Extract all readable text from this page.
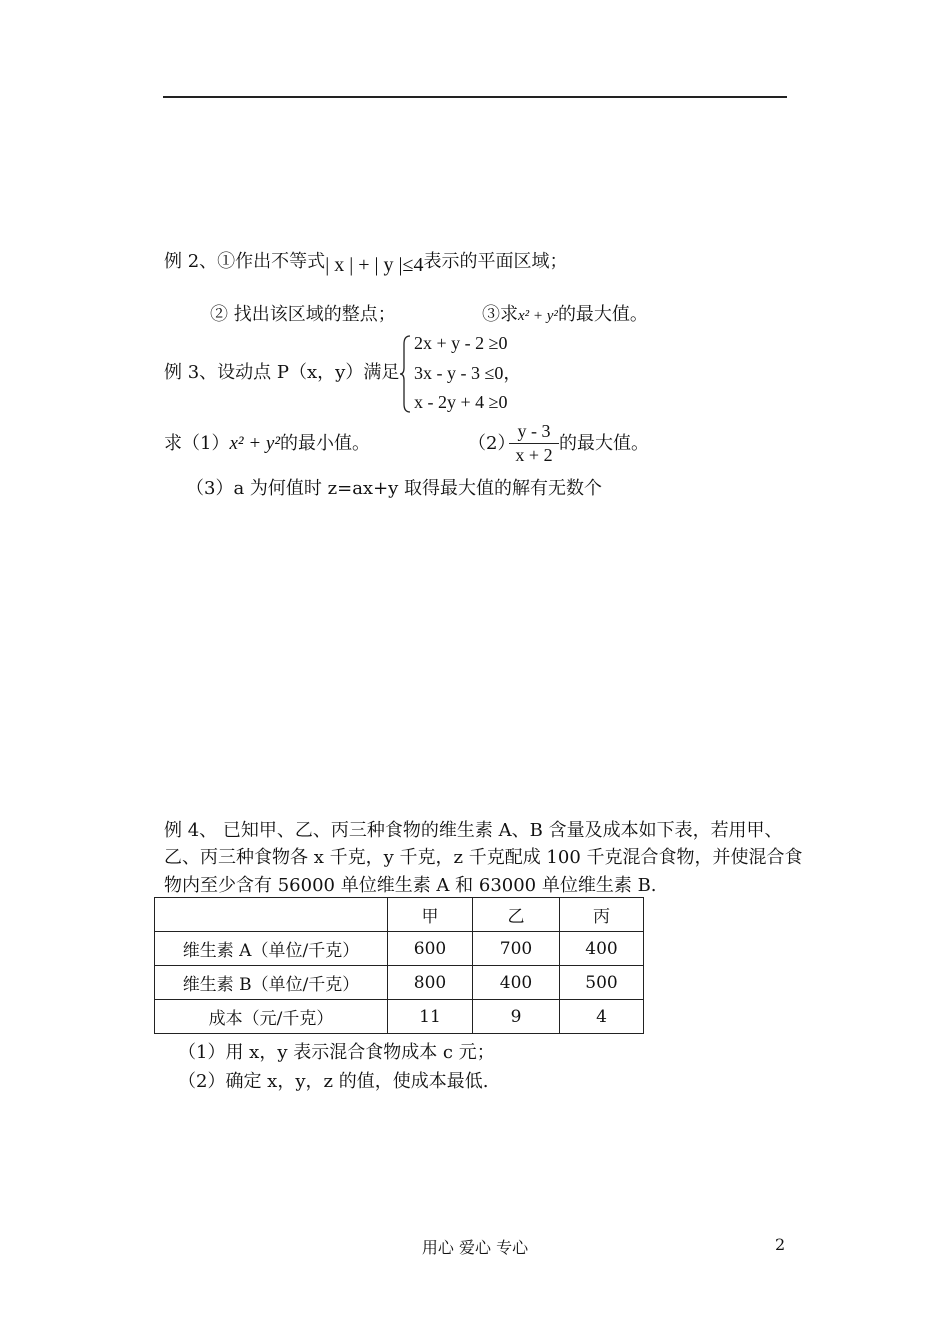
例 2、①作出不等式| x | + | y |≤4表示的平面区域；
② 找出该区域的整点；	③求x² + y²的最大值。
例 3、设动点 P（x，y）满足
2x + y - 2 ≥0
3x - y - 3 ≤0，
x - 2y + 4 ≥0
求（1）x² + y²的最小值。	（2）
$\frac{y - 3}{x + 2}$ 的最大值。
（3）a 为何值时 z=ax+y 取得最大值的解有无数个
例 4、 已知甲、乙、丙三种食物的维生素 A、B 含量及成本如下表，若用甲、
乙、丙三种食物各 x 千克，y 千克，z 千克配成 100 千克混合食物，并使混合食
物内至少含有 56000 单位维生素 A 和 63000 单位维生素 B.
	甲	乙	丙
维生素 A（单位/千克）	600	700	400
维生素 B（单位/千克）	800	400	500
成本（元/千克）	11	9	4
（1）用 x，y 表示混合食物成本 c 元；
（2）确定 x，y，z 的值，使成本最低.
用心 爱心 专心	2
